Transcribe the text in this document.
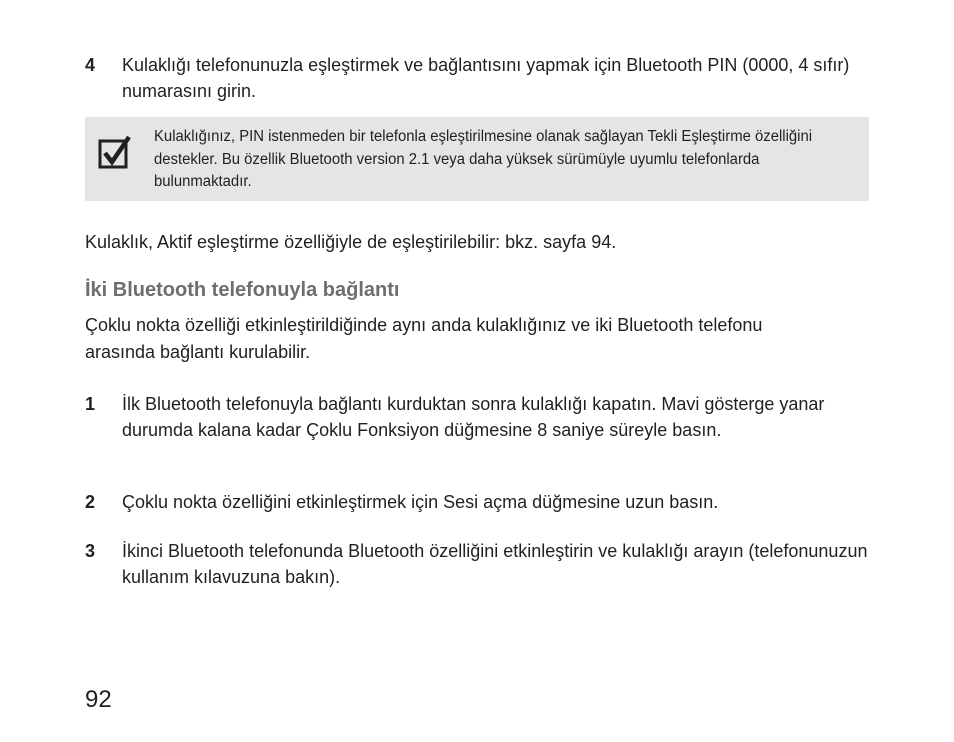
4	Kulaklığı telefonunuzla eşleştirmek ve bağlantısını yapmak için Bluetooth PIN (0000, 4 sıfır) numarasını girin.
Kulaklığınız, PIN istenmeden bir telefonla eşleştirilmesine olanak sağlayan Tekli Eşleştirme özelliğini destekler. Bu özellik Bluetooth version 2.1 veya daha yüksek sürümüyle uyumlu telefonlarda bulunmaktadır.
Kulaklık, Aktif eşleştirme özelliğiyle de eşleştirilebilir: bkz. sayfa 94.
İki Bluetooth telefonuyla bağlantı
Çoklu nokta özelliği etkinleştirildiğinde aynı anda kulaklığınız ve iki Bluetooth telefonu arasında bağlantı kurulabilir.
1	İlk Bluetooth telefonuyla bağlantı kurduktan sonra kulaklığı kapatın. Mavi gösterge yanar durumda kalana kadar Çoklu Fonksiyon düğmesine 8 saniye süreyle basın.
2	Çoklu nokta özelliğini etkinleştirmek için Sesi açma düğmesine uzun basın.
3	İkinci Bluetooth telefonunda Bluetooth özelliğini etkinleştirin ve kulaklığı arayın (telefonunuzun kullanım kılavuzuna bakın).
92
